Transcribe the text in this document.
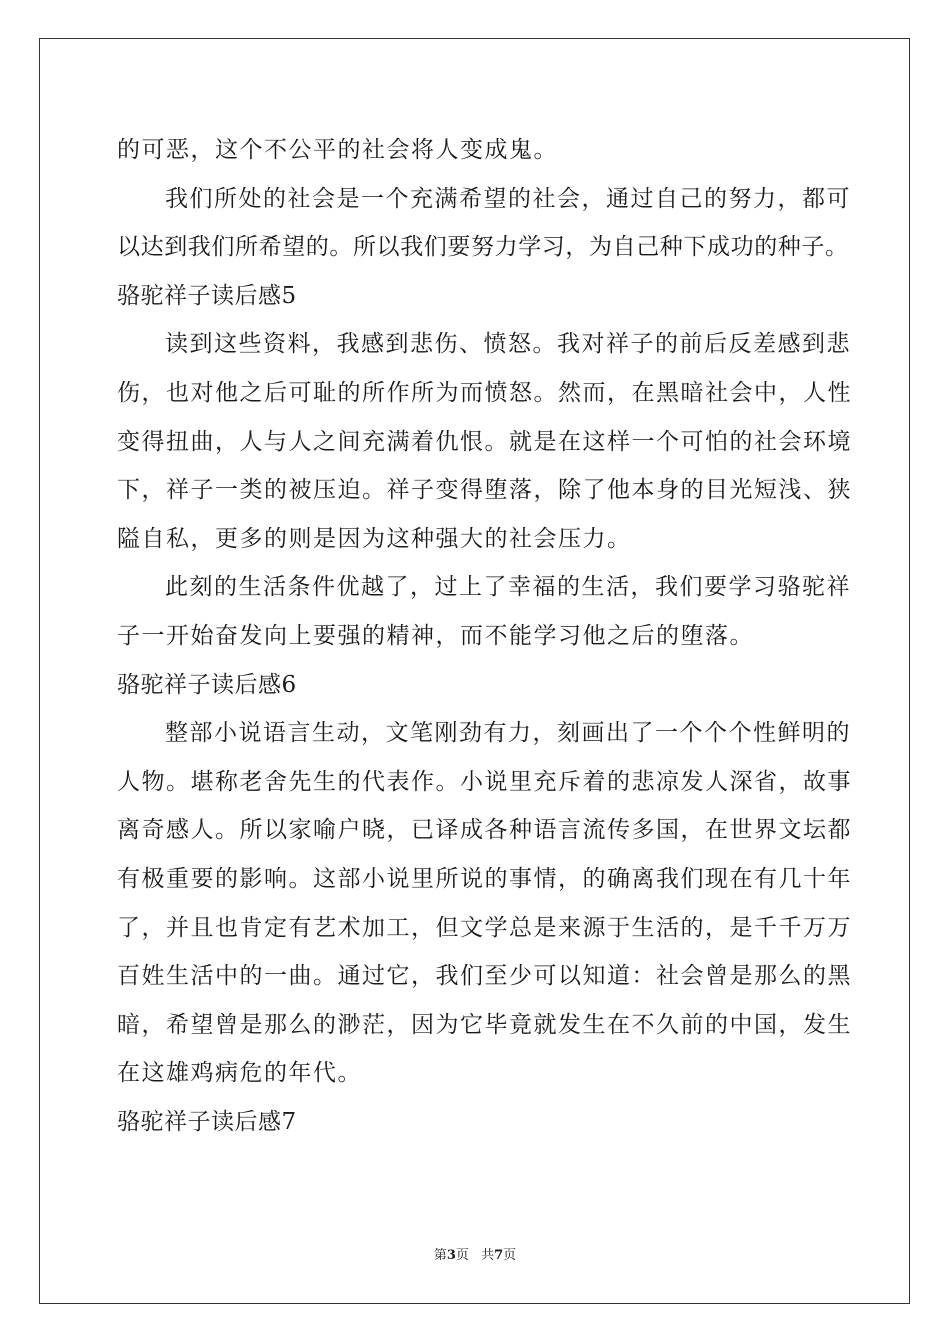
的可恶，这个不公平的社会将人变成鬼。
我们所处的社会是一个充满希望的社会，通过自己的努力，都可
以达到我们所希望的。所以我们要努力学习，为自己种下成功的种子。
骆驼祥子读后感5
读到这些资料，我感到悲伤、愤怒。我对祥子的前后反差感到悲
伤，也对他之后可耻的所作所为而愤怒。然而，在黑暗社会中，人性
变得扭曲，人与人之间充满着仇恨。就是在这样一个可怕的社会环境
下，祥子一类的被压迫。祥子变得堕落，除了他本身的目光短浅、狭
隘自私，更多的则是因为这种强大的社会压力。
此刻的生活条件优越了，过上了幸福的生活，我们要学习骆驼祥
子一开始奋发向上要强的精神，而不能学习他之后的堕落。
骆驼祥子读后感6
整部小说语言生动，文笔刚劲有力，刻画出了一个个个性鲜明的
人物。堪称老舍先生的代表作。小说里充斥着的悲凉发人深省，故事
离奇感人。所以家喻户晓，已译成各种语言流传多国，在世界文坛都
有极重要的影响。这部小说里所说的事情，的确离我们现在有几十年
了，并且也肯定有艺术加工，但文学总是来源于生活的，是千千万万
百姓生活中的一曲。通过它，我们至少可以知道：社会曾是那么的黑
暗，希望曾是那么的渺茫，因为它毕竟就发生在不久前的中国，发生
在这雄鸡病危的年代。
骆驼祥子读后感7
第3页 共7页
